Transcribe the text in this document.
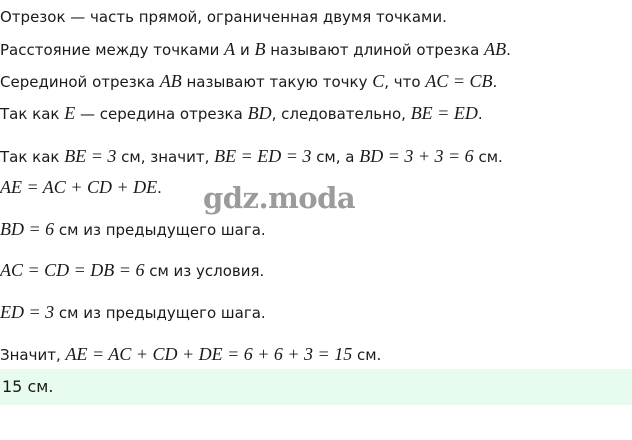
Отрезок — часть прямой, ограниченная двумя точками.
Расстояние между точками A и B называют длиной отрезка AB.
Серединой отрезка AB называют такую точку C, что AC = CB.
Так как E — середина отрезка BD, следовательно, BE = ED.
Так как BE = 3 см, значит, BE = ED = 3 см, а BD = 3 + 3 = 6 см.
AE = AC + CD + DE.
BD = 6 см из предыдущего шага.
AC = CD = DB = 6 см из условия.
ED = 3 см из предыдущего шага.
Значит, AE = AC + CD + DE = 6 + 6 + 3 = 15 см.
15 см.
gdz.moda
